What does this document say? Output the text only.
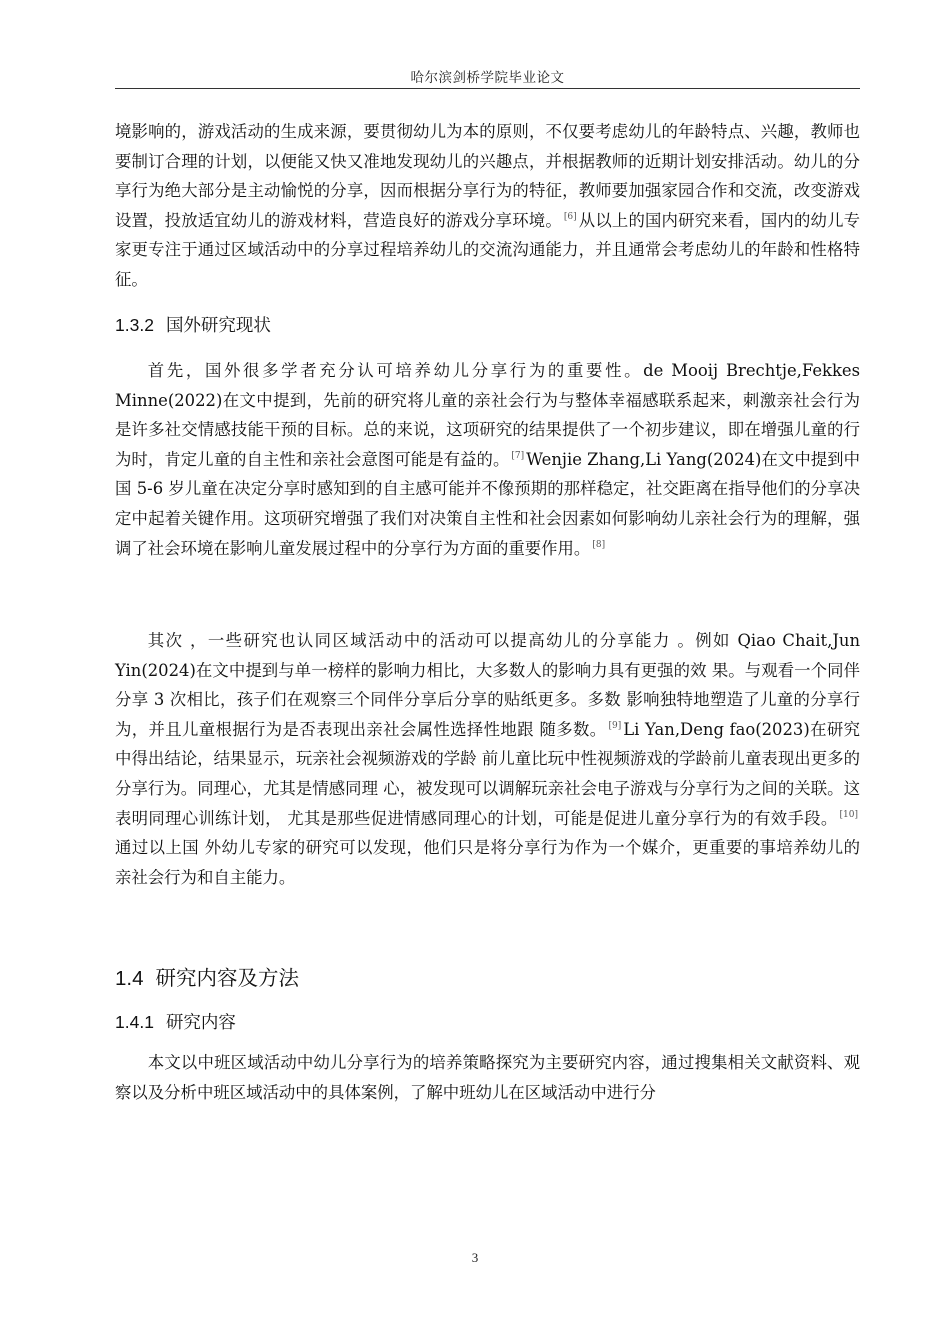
哈尔滨剑桥学院毕业论文

境影响的，游戏活动的生成来源，要贯彻幼儿为本的原则，不仅要考虑幼儿的年龄特点、兴趣，教师也要制订合理的计划，以便能又快又准地发现幼儿的兴趣点，并根据教师的近期计划安排活动。幼儿的分享行为绝大部分是主动愉悦的分享，因而根据分享行为的特征，教师要加强家园合作和交流，改变游戏设置，投放适宜幼儿的游戏材料，营造良好的游戏分享环境。 [6] 从以上的国内研究来看，国内的幼儿专家更专注于通过区域活动中的分享过程培养幼儿的交流沟通能力，并且通常会考虑幼儿的年龄和性格特征。

1.3.2 国外研究现状

首先，国外很多学者充分认可培养幼儿分享行为的重要性。de Mooij Brechtje,Fekkes Minne(2022)在文中提到，先前的研究将儿童的亲社会行为与整体幸福感联系起来，刺激亲社会行为是许多社交情感技能干预的目标。总的来说，这项研究的结果提供了一个初步建议，即在增强儿童的行为时，肯定儿童的自主性和亲社会意图可能是有益的。 [7] Wenjie Zhang,Li Yang(2024)在文中提到中国 5-6 岁儿童在决定分享时感知到的自主感可能并不像预期的那样稳定，社交距离在指导他们的分享决定中起着关键作用。这项研究增强了我们对决策自主性和社会因素如何影响幼儿亲社会行为的理解，强调了社会环境在影响儿童发展过程中的分享行为方面的重要作用。 [8]

其次 ，一些研究也认同区域活动中的活动可以提高幼儿的分享能力 。例如 Qiao Chait,Jun Yin(2024)在文中提到与单一榜样的影响力相比，大多数人的影响力具有更强的效 果。与观看一个同伴分享 3 次相比，孩子们在观察三个同伴分享后分享的贴纸更多。多数 影响独特地塑造了儿童的分享行为，并且儿童根据行为是否表现出亲社会属性选择性地跟 随多数。 [9] Li Yan,Deng fao(2023)在研究中得出结论，结果显示，玩亲社会视频游戏的学龄 前儿童比玩中性视频游戏的学龄前儿童表现出更多的分享行为。同理心，尤其是情感同理 心，被发现可以调解玩亲社会电子游戏与分享行为之间的关联。这表明同理心训练计划， 尤其是那些促进情感同理心的计划，可能是促进儿童分享行为的有效手段。 [10]通过以上国 外幼儿专家的研究可以发现，他们只是将分享行为作为一个媒介，更重要的事培养幼儿的 亲社会行为和自主能力。

1.4 研究内容及方法
1.4.1 研究内容

本文以中班区域活动中幼儿分享行为的培养策略探究为主要研究内容，通过搜集相关文献资料、观察以及分析中班区域活动中的具体案例，了解中班幼儿在区域活动中进行分

3
